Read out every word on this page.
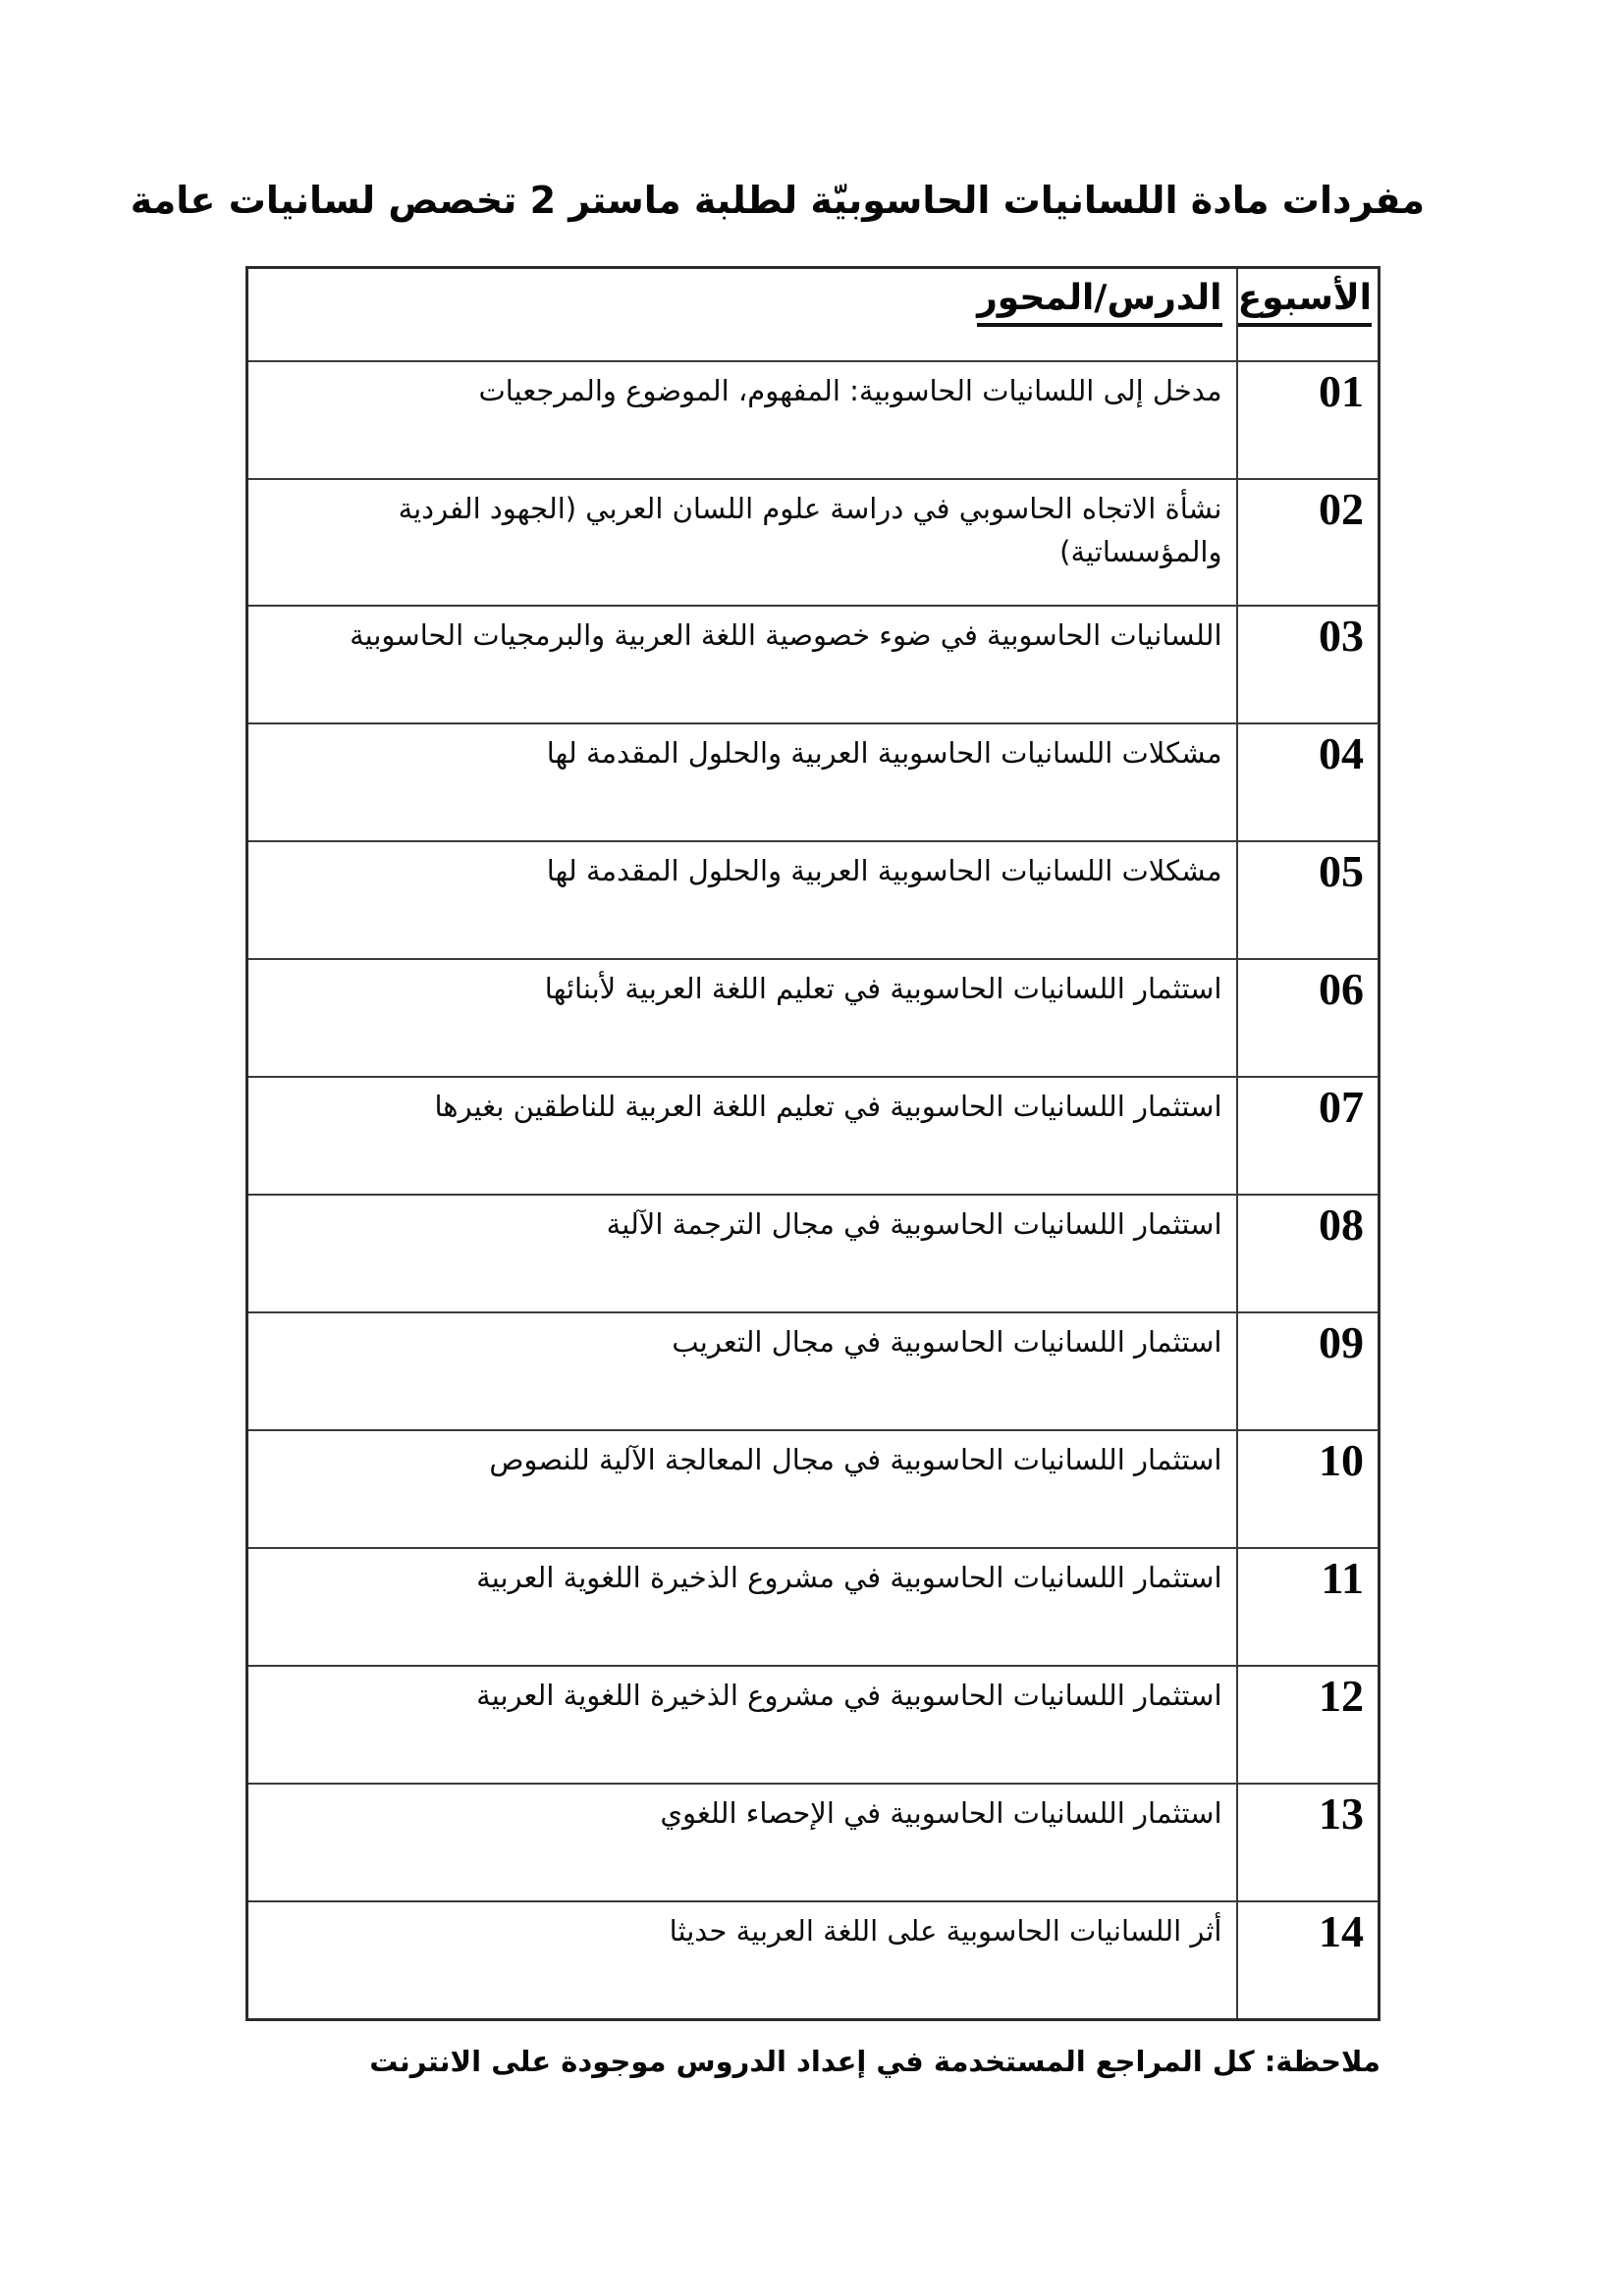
مفردات مادة اللسانيات الحاسوبيّة لطلبة ماستر 2 تخصص لسانيات عامة
الأسبوع	الدرس/المحور
01	مدخل إلى اللسانيات الحاسوبية: المفهوم، الموضوع والمرجعيات
02	نشأة الاتجاه الحاسوبي في دراسة علوم اللسان العربي (الجهود الفردية والمؤسساتية)
03	اللسانيات الحاسوبية في ضوء خصوصية اللغة العربية والبرمجيات الحاسوبية
04	مشكلات اللسانيات الحاسوبية العربية والحلول المقدمة لها
05	مشكلات اللسانيات الحاسوبية العربية والحلول المقدمة لها
06	استثمار اللسانيات الحاسوبية في تعليم اللغة العربية لأبنائها
07	استثمار اللسانيات الحاسوبية في تعليم اللغة العربية للناطقين بغيرها
08	استثمار اللسانيات الحاسوبية في مجال الترجمة الآلية
09	استثمار اللسانيات الحاسوبية في مجال التعريب
10	استثمار اللسانيات الحاسوبية في مجال المعالجة الآلية للنصوص
11	استثمار اللسانيات الحاسوبية في مشروع الذخيرة اللغوية العربية
12	استثمار اللسانيات الحاسوبية في مشروع الذخيرة اللغوية العربية
13	استثمار اللسانيات الحاسوبية في الإحصاء اللغوي
14	أثر اللسانيات الحاسوبية على اللغة العربية حديثا
ملاحظة: كل المراجع المستخدمة في إعداد الدروس موجودة على الانترنت
